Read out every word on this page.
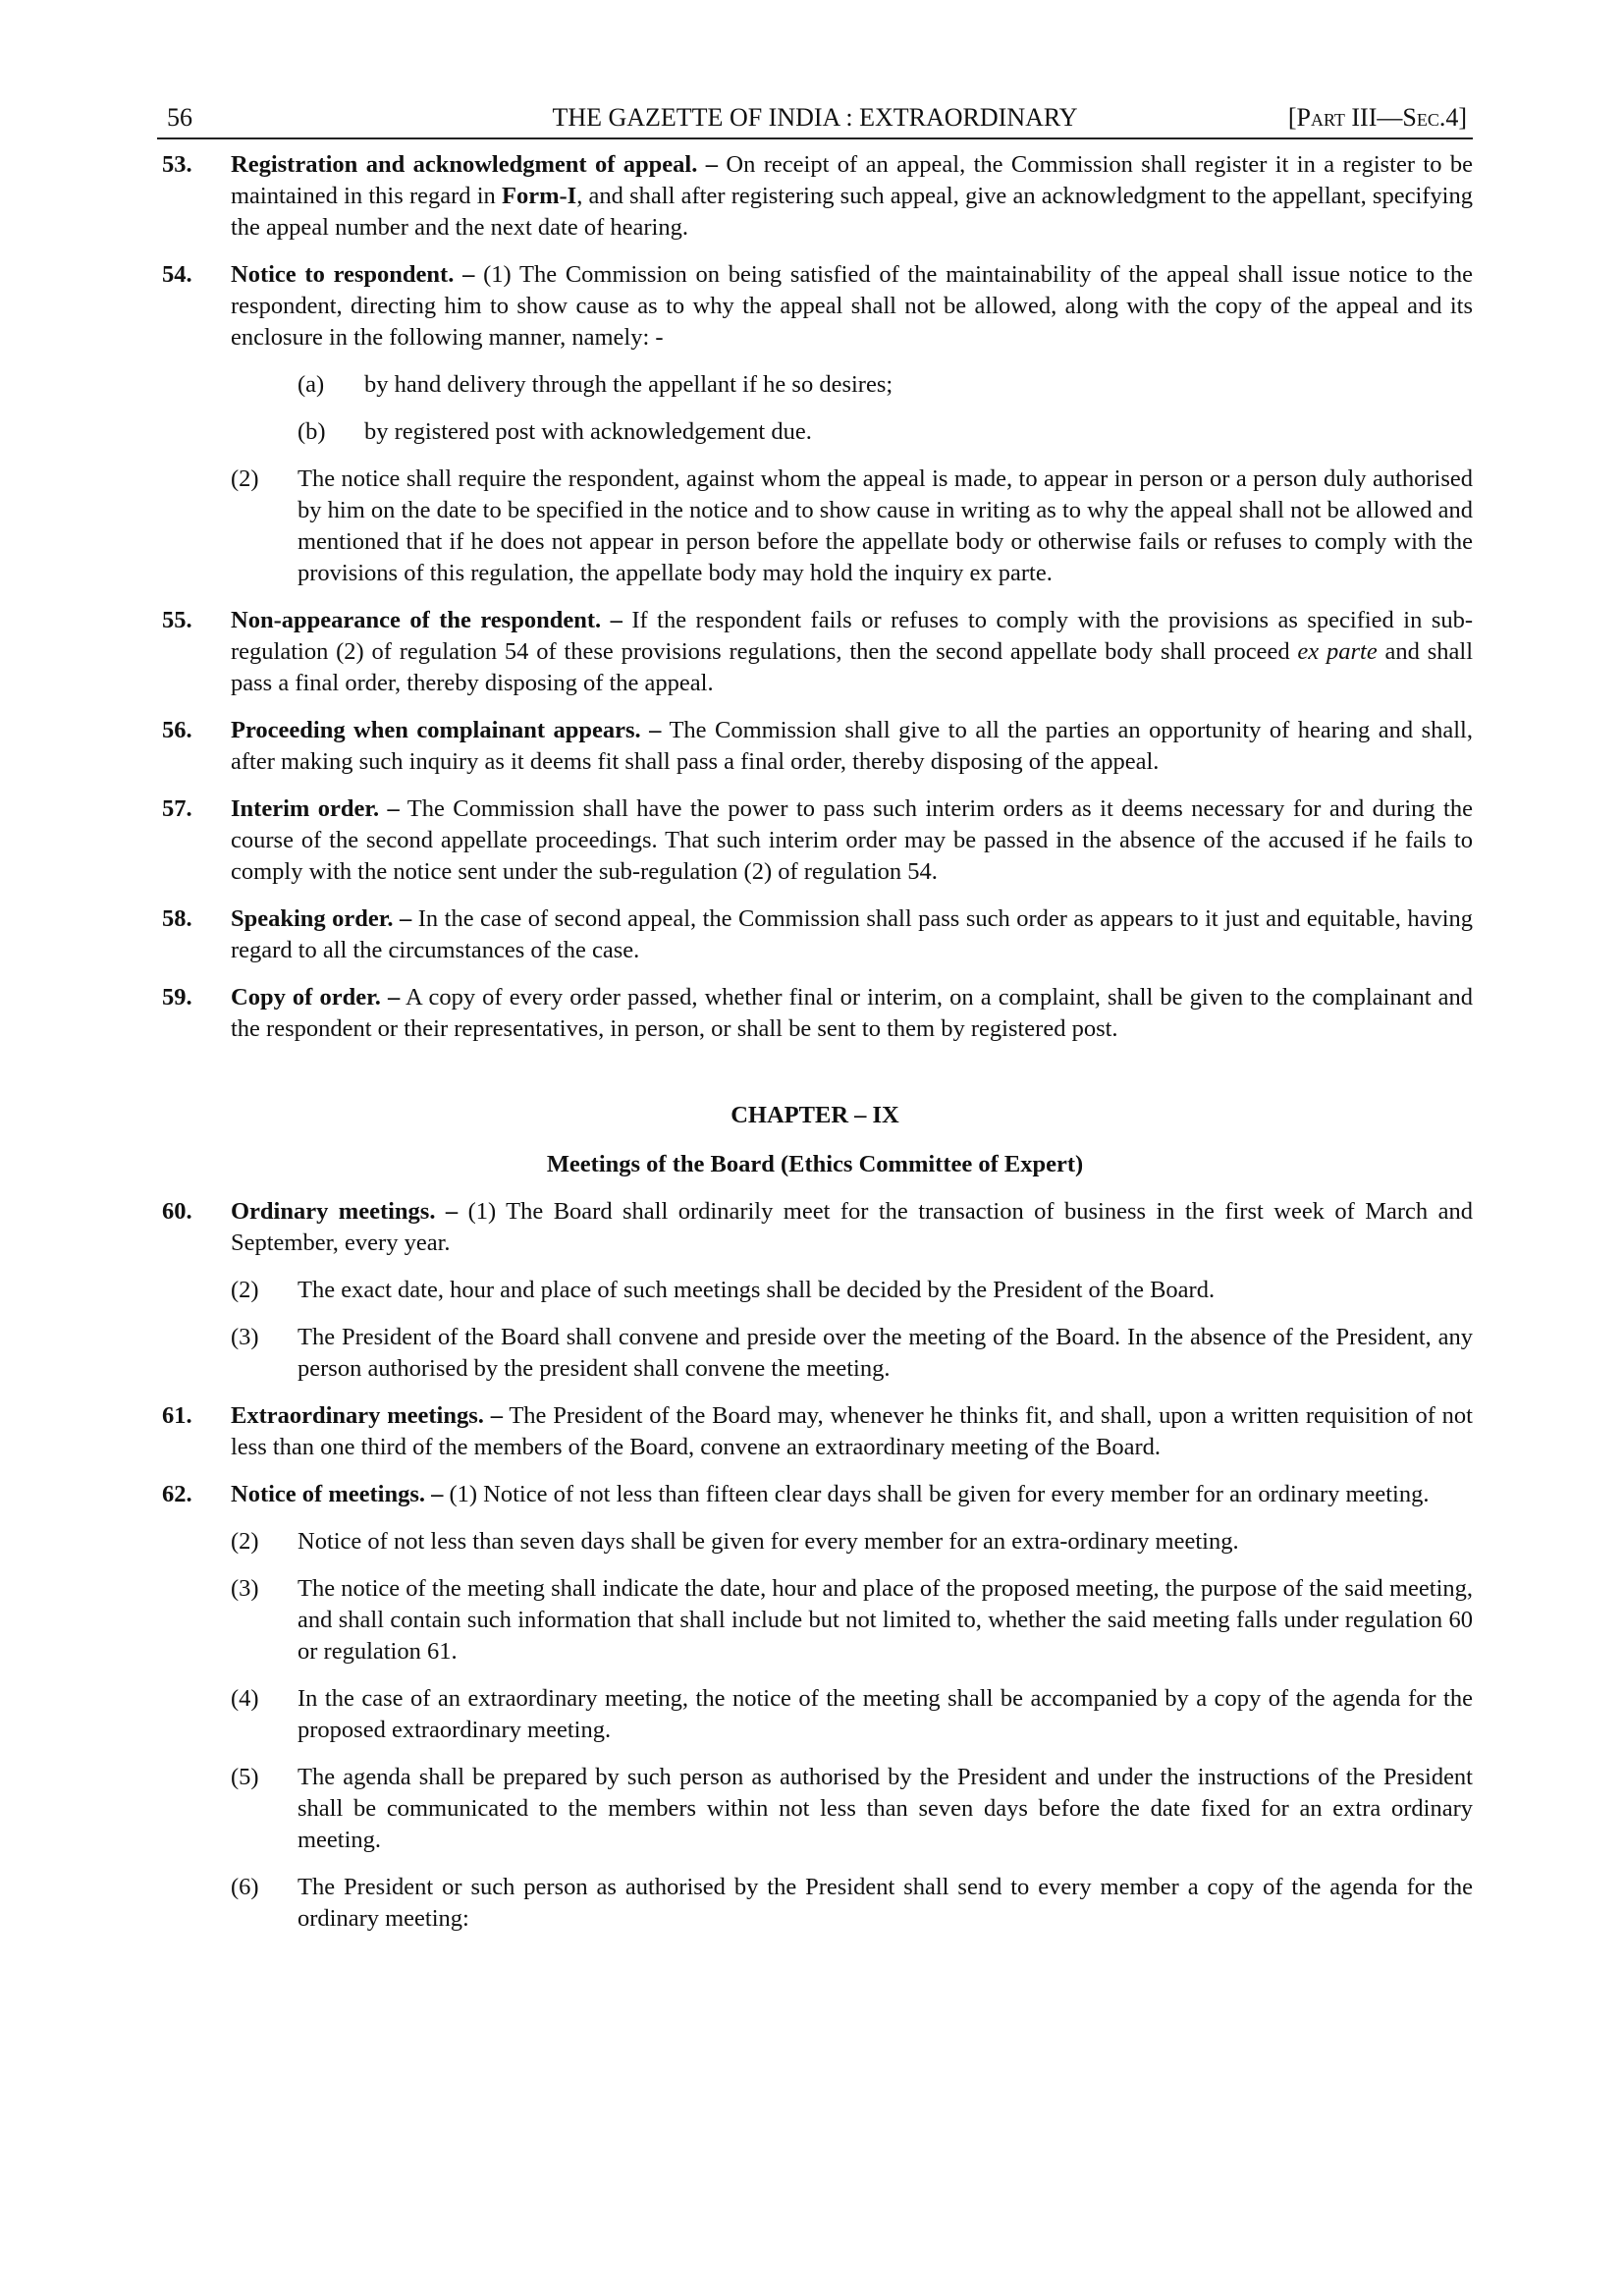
56	THE GAZETTE OF INDIA : EXTRAORDINARY	[Part III—Sec.4]
53. Registration and acknowledgment of appeal. – On receipt of an appeal, the Commission shall register it in a register to be maintained in this regard in Form-I, and shall after registering such appeal, give an acknowledgment to the appellant, specifying the appeal number and the next date of hearing.
54. Notice to respondent. – (1) The Commission on being satisfied of the maintainability of the appeal shall issue notice to the respondent, directing him to show cause as to why the appeal shall not be allowed, along with the copy of the appeal and its enclosure in the following manner, namely: -
(a) by hand delivery through the appellant if he so desires;
(b) by registered post with acknowledgement due.
(2) The notice shall require the respondent, against whom the appeal is made, to appear in person or a person duly authorised by him on the date to be specified in the notice and to show cause in writing as to why the appeal shall not be allowed and mentioned that if he does not appear in person before the appellate body or otherwise fails or refuses to comply with the provisions of this regulation, the appellate body may hold the inquiry ex parte.
55. Non-appearance of the respondent. – If the respondent fails or refuses to comply with the provisions as specified in sub-regulation (2) of regulation 54 of these provisions regulations, then the second appellate body shall proceed ex parte and shall pass a final order, thereby disposing of the appeal.
56. Proceeding when complainant appears. – The Commission shall give to all the parties an opportunity of hearing and shall, after making such inquiry as it deems fit shall pass a final order, thereby disposing of the appeal.
57. Interim order. – The Commission shall have the power to pass such interim orders as it deems necessary for and during the course of the second appellate proceedings. That such interim order may be passed in the absence of the accused if he fails to comply with the notice sent under the sub-regulation (2) of regulation 54.
58. Speaking order. – In the case of second appeal, the Commission shall pass such order as appears to it just and equitable, having regard to all the circumstances of the case.
59. Copy of order. – A copy of every order passed, whether final or interim, on a complaint, shall be given to the complainant and the respondent or their representatives, in person, or shall be sent to them by registered post.
CHAPTER – IX
Meetings of the Board (Ethics Committee of Expert)
60. Ordinary meetings. – (1) The Board shall ordinarily meet for the transaction of business in the first week of March and September, every year.
(2) The exact date, hour and place of such meetings shall be decided by the President of the Board.
(3) The President of the Board shall convene and preside over the meeting of the Board. In the absence of the President, any person authorised by the president shall convene the meeting.
61. Extraordinary meetings. – The President of the Board may, whenever he thinks fit, and shall, upon a written requisition of not less than one third of the members of the Board, convene an extraordinary meeting of the Board.
62. Notice of meetings. – (1) Notice of not less than fifteen clear days shall be given for every member for an ordinary meeting.
(2) Notice of not less than seven days shall be given for every member for an extra-ordinary meeting.
(3) The notice of the meeting shall indicate the date, hour and place of the proposed meeting, the purpose of the said meeting, and shall contain such information that shall include but not limited to, whether the said meeting falls under regulation 60 or regulation 61.
(4) In the case of an extraordinary meeting, the notice of the meeting shall be accompanied by a copy of the agenda for the proposed extraordinary meeting.
(5) The agenda shall be prepared by such person as authorised by the President and under the instructions of the President shall be communicated to the members within not less than seven days before the date fixed for an extra ordinary meeting.
(6) The President or such person as authorised by the President shall send to every member a copy of the agenda for the ordinary meeting:
